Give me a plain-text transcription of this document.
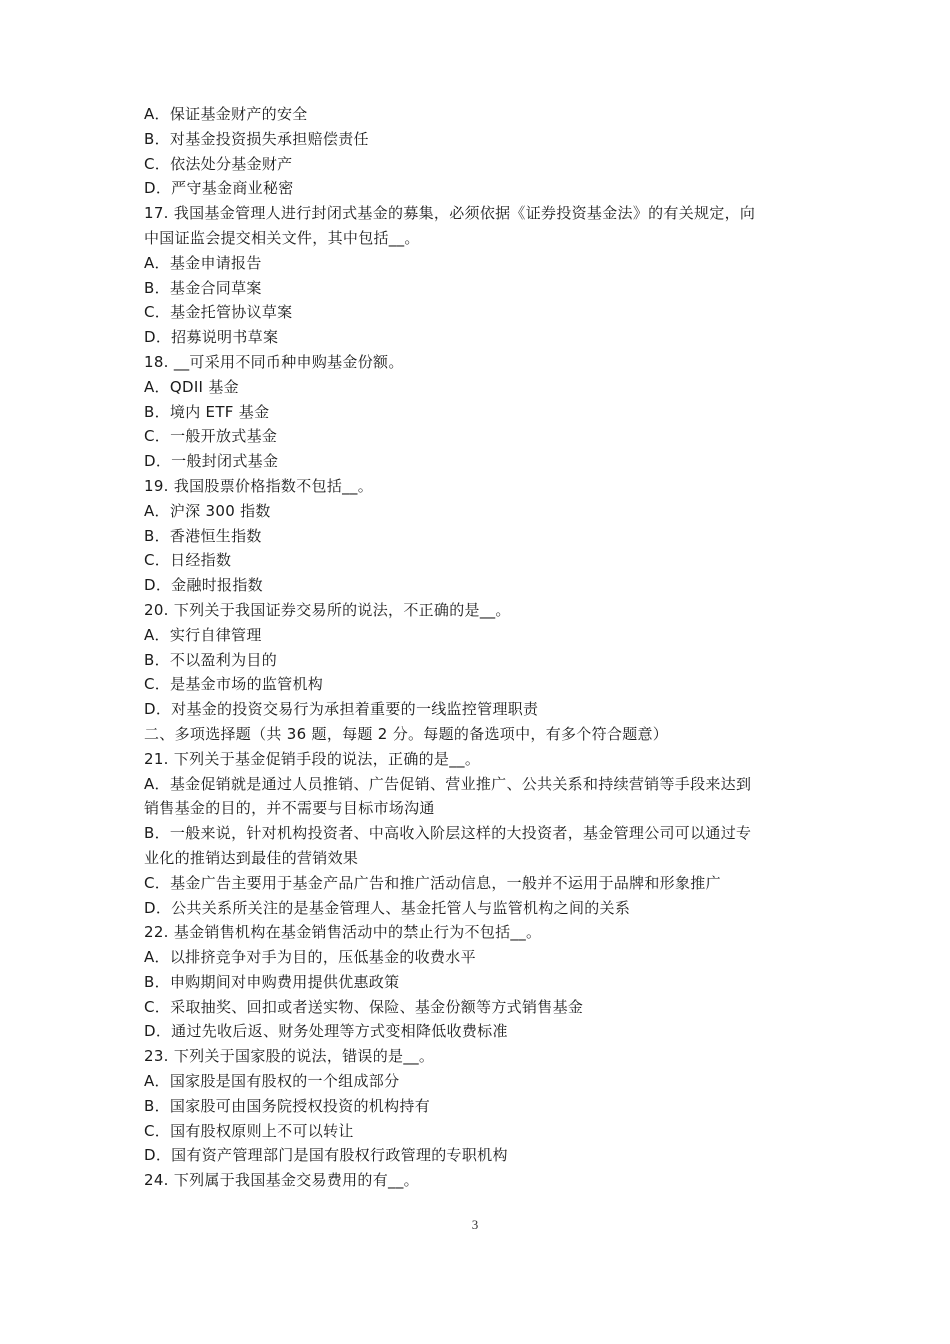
A．保证基金财产的安全
B．对基金投资损失承担赔偿责任
C．依法处分基金财产
D．严守基金商业秘密
17. 我国基金管理人进行封闭式基金的募集，必须依据《证券投资基金法》的有关规定，向
中国证监会提交相关文件，其中包括__。
A．基金申请报告
B．基金合同草案
C．基金托管协议草案
D．招募说明书草案
18. __可采用不同币种申购基金份额。
A．QDII 基金
B．境内 ETF 基金
C．一般开放式基金
D．一般封闭式基金
19. 我国股票价格指数不包括__。
A．沪深 300 指数
B．香港恒生指数
C．日经指数
D．金融时报指数
20. 下列关于我国证券交易所的说法，不正确的是__。
A．实行自律管理
B．不以盈利为目的
C．是基金市场的监管机构
D．对基金的投资交易行为承担着重要的一线监控管理职责
二、多项选择题（共 36 题，每题 2 分。每题的备选项中，有多个符合题意）
21. 下列关于基金促销手段的说法，正确的是__。
A．基金促销就是通过人员推销、广告促销、营业推广、公共关系和持续营销等手段来达到
销售基金的目的，并不需要与目标市场沟通
B．一般来说，针对机构投资者、中高收入阶层这样的大投资者，基金管理公司可以通过专
业化的推销达到最佳的营销效果
C．基金广告主要用于基金产品广告和推广活动信息，一般并不运用于品牌和形象推广
D．公共关系所关注的是基金管理人、基金托管人与监管机构之间的关系
22. 基金销售机构在基金销售活动中的禁止行为不包括__。
A．以排挤竞争对手为目的，压低基金的收费水平
B．申购期间对申购费用提供优惠政策
C．采取抽奖、回扣或者送实物、保险、基金份额等方式销售基金
D．通过先收后返、财务处理等方式变相降低收费标准
23. 下列关于国家股的说法，错误的是__。
A．国家股是国有股权的一个组成部分
B．国家股可由国务院授权投资的机构持有
C．国有股权原则上不可以转让
D．国有资产管理部门是国有股权行政管理的专职机构
24. 下列属于我国基金交易费用的有__。
3
